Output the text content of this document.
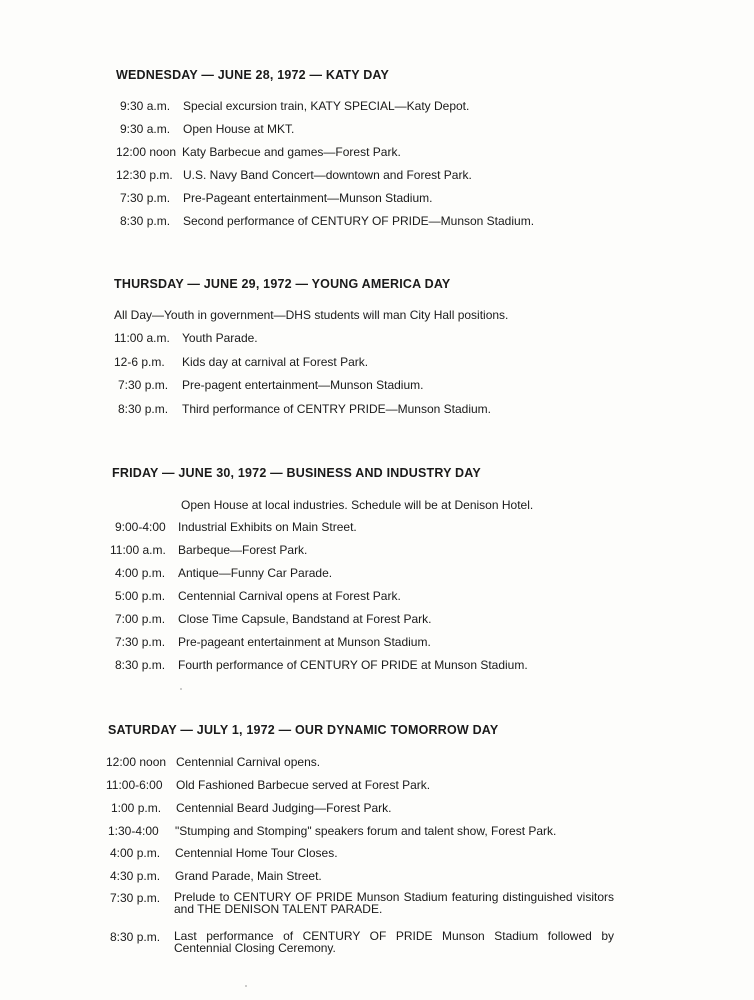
WEDNESDAY — JUNE 28, 1972 — KATY DAY
9:30 a.m. Special excursion train, KATY SPECIAL—Katy Depot.
9:30 a.m. Open House at MKT.
12:00 noon Katy Barbecue and games—Forest Park.
12:30 p.m. U.S. Navy Band Concert—downtown and Forest Park.
7:30 p.m. Pre-Pageant entertainment—Munson Stadium.
8:30 p.m. Second performance of CENTURY OF PRIDE—Munson Stadium.
THURSDAY — JUNE 29, 1972 — YOUNG AMERICA DAY
All Day—Youth in government—DHS students will man City Hall positions.
11:00 a.m. Youth Parade.
12-6 p.m. Kids day at carnival at Forest Park.
7:30 p.m. Pre-pagent entertainment—Munson Stadium.
8:30 p.m. Third performance of CENTRY PRIDE—Munson Stadium.
FRIDAY — JUNE 30, 1972 — BUSINESS AND INDUSTRY DAY
Open House at local industries. Schedule will be at Denison Hotel.
9:00-4:00 Industrial Exhibits on Main Street.
11:00 a.m. Barbeque—Forest Park.
4:00 p.m. Antique—Funny Car Parade.
5:00 p.m. Centennial Carnival opens at Forest Park.
7:00 p.m. Close Time Capsule, Bandstand at Forest Park.
7:30 p.m. Pre-pageant entertainment at Munson Stadium.
8:30 p.m. Fourth performance of CENTURY OF PRIDE at Munson Stadium.
SATURDAY — JULY 1, 1972 — OUR DYNAMIC TOMORROW DAY
12:00 noon Centennial Carnival opens.
11:00-6:00 Old Fashioned Barbecue served at Forest Park.
1:00 p.m. Centennial Beard Judging—Forest Park.
1:30-4:00 "Stumping and Stomping" speakers forum and talent show, Forest Park.
4:00 p.m. Centennial Home Tour Closes.
4:30 p.m. Grand Parade, Main Street.
7:30 p.m. Prelude to CENTURY OF PRIDE Munson Stadium featuring distinguished visitors and THE DENISON TALENT PARADE.
8:30 p.m. Last performance of CENTURY OF PRIDE Munson Stadium followed by Centennial Closing Ceremony.
